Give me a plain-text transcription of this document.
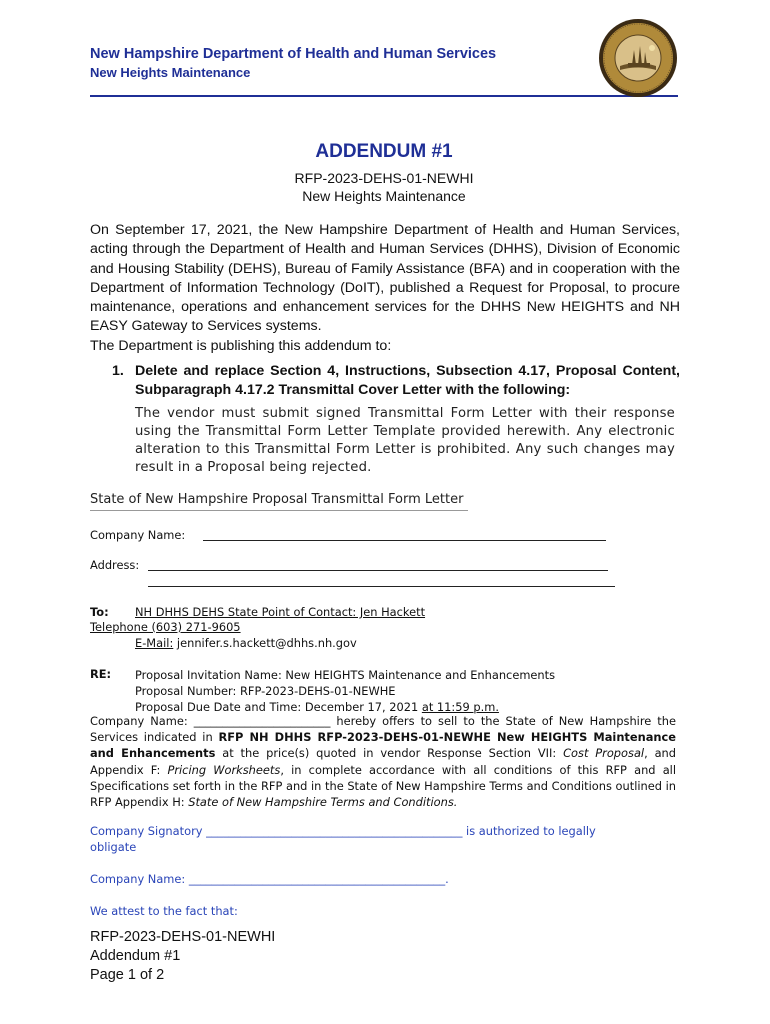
New Hampshire Department of Health and Human Services
New Heights Maintenance
ADDENDUM #1
RFP-2023-DEHS-01-NEWHI
New Heights Maintenance
On September 17, 2021, the New Hampshire Department of Health and Human Services, acting through the Department of Health and Human Services (DHHS), Division of Economic and Housing Stability (DEHS), Bureau of Family Assistance (BFA) and in cooperation with the Department of Information Technology (DoIT), published a Request for Proposal, to procure maintenance, operations and enhancement services for the DHHS New HEIGHTS and NH EASY Gateway to Services systems.
The Department is publishing this addendum to:
1. Delete and replace Section 4, Instructions, Subsection 4.17, Proposal Content, Subparagraph 4.17.2 Transmittal Cover Letter with the following:
The vendor must submit signed Transmittal Form Letter with their response using the Transmittal Form Letter Template provided herewith. Any electronic alteration to this Transmittal Form Letter is prohibited. Any such changes may result in a Proposal being rejected.
State of New Hampshire Proposal Transmittal Form Letter
Company Name:
Address:
To: NH DHHS DEHS State Point of Contact: Jen Hackett
Telephone (603) 271-9605
E-Mail: jennifer.s.hackett@dhhs.nh.gov
RE: Proposal Invitation Name: New HEIGHTS Maintenance and Enhancements
Proposal Number: RFP-2023-DEHS-01-NEWHE
Proposal Due Date and Time: December 17, 2021 at 11:59 p.m.
Company Name: ________________________ hereby offers to sell to the State of New Hampshire the Services indicated in RFP NH DHHS RFP-2023-DEHS-01-NEWHE New HEIGHTS Maintenance and Enhancements at the price(s) quoted in vendor Response Section VII: Cost Proposal, and Appendix F: Pricing Worksheets, in complete accordance with all conditions of this RFP and all Specifications set forth in the RFP and in the State of New Hampshire Terms and Conditions outlined in RFP Appendix H: State of New Hampshire Terms and Conditions.
Company Signatory _____________________________________________ is authorized to legally
obligate
Company Name: _____________________________________________.
We attest to the fact that:
RFP-2023-DEHS-01-NEWHI
Addendum #1
Page 1 of 2
